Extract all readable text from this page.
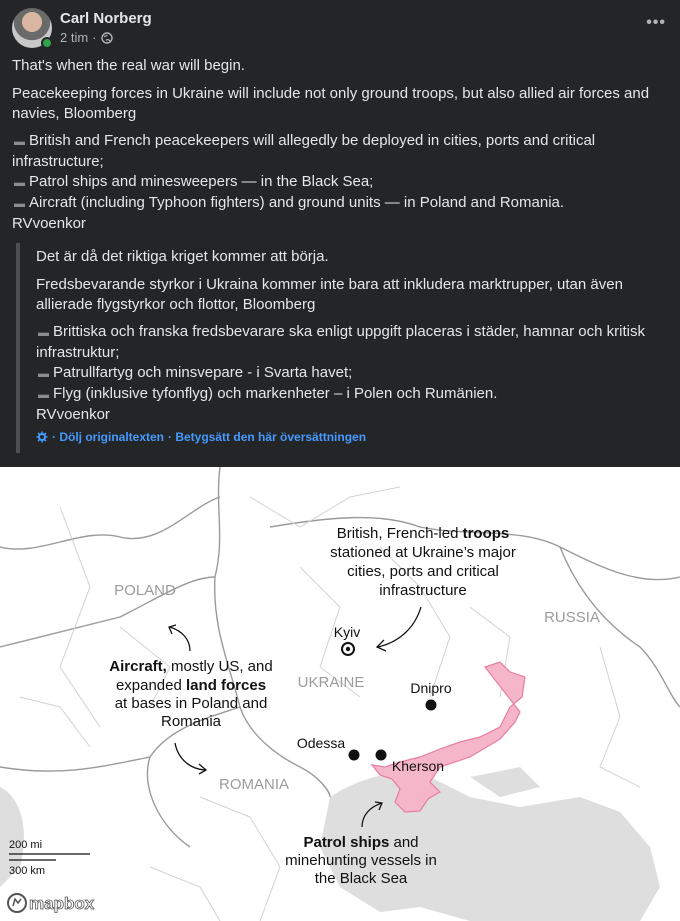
Carl Norberg
2 tim ·
•••
That's when the real war will begin.
Peacekeeping forces in Ukraine will include not only ground troops, but also allied air forces and
navies, Bloomberg
▬ British and French peacekeepers will allegedly be deployed in cities, ports and critical
infrastructure;
▬ Patrol ships and minesweepers — in the Black Sea;
▬ Aircraft (including Typhoon fighters) and ground units — in Poland and Romania.
RVvoenkor
Det är då det riktiga kriget kommer att börja.
Fredsbevarande styrkor i Ukraina kommer inte bara att inkludera marktrupper, utan även
allierade flygstyrkor och flottor, Bloomberg
▬ Brittiska och franska fredsbevarare ska enligt uppgift placeras i städer, hamnar och kritisk
infrastruktur;
▬ Patrullfartyg och minsvepare - i Svarta havet;
▬ Flyg (inklusive tyfonflyg) och markenheter – i Polen och Rumänien.
RVvoenkor
· Dölj originaltexten · Betygsätt den här översättningen
POLAND
UKRAINE
ROMANIA
RUSSIA
Kyiv
Dnipro
Odessa
Kherson
British, French-led troops
stationed at Ukraine’s major
cities, ports and critical
infrastructure
Aircraft, mostly US, and
expanded land forces
at bases in Poland and
Romania
Patrol ships and
minehunting vessels in
the Black Sea
200 mi
300 km
mapbox
